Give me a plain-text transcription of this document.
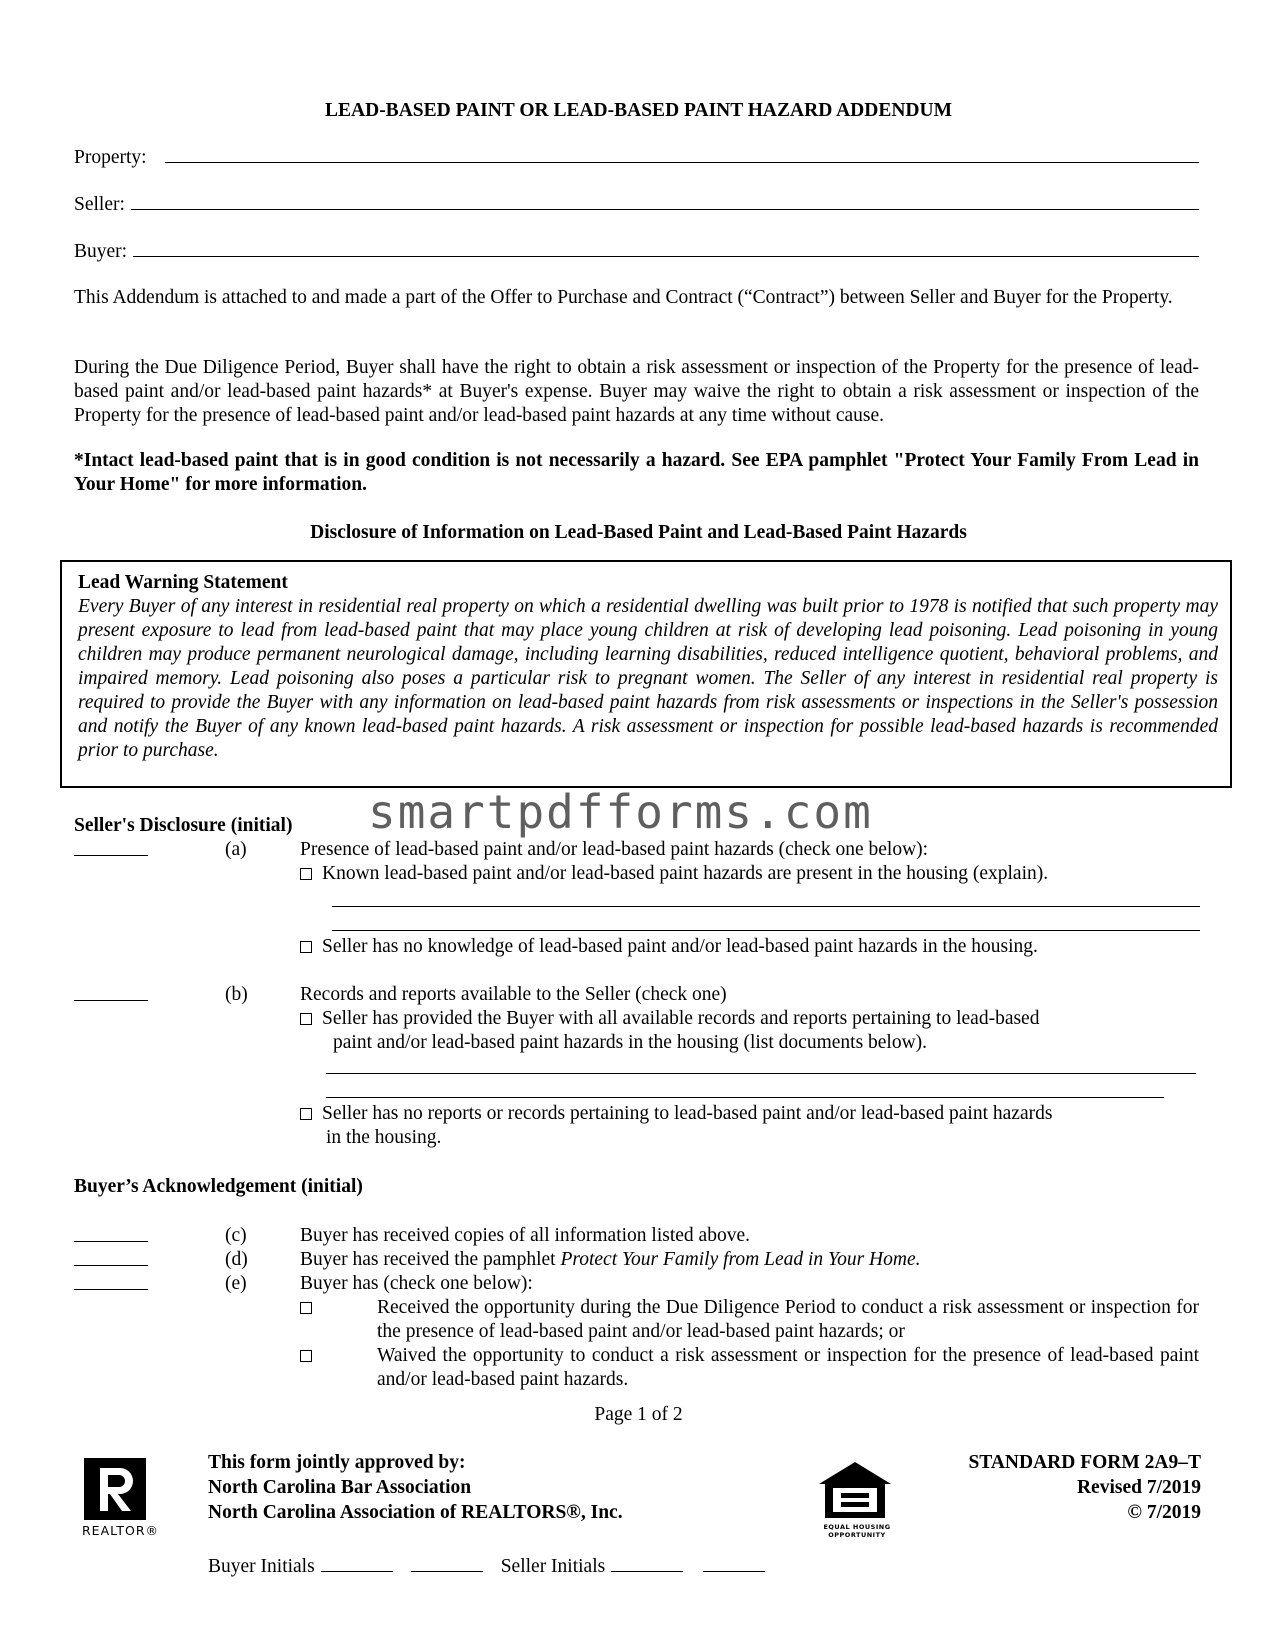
LEAD-BASED PAINT OR LEAD-BASED PAINT HAZARD ADDENDUM
Property:
Seller:
Buyer:
This Addendum is attached to and made a part of the Offer to Purchase and Contract (“Contract”) between Seller and Buyer for the Property.
During the Due Diligence Period, Buyer shall have the right to obtain a risk assessment or inspection of the Property for the presence of lead-based paint and/or lead-based paint hazards* at Buyer's expense. Buyer may waive the right to obtain a risk assessment or inspection of the Property for the presence of lead-based paint and/or lead-based paint hazards at any time without cause.
*Intact lead-based paint that is in good condition is not necessarily a hazard. See EPA pamphlet "Protect Your Family From Lead in Your Home" for more information.
Disclosure of Information on Lead-Based Paint and Lead-Based Paint Hazards
Lead Warning Statement
Every Buyer of any interest in residential real property on which a residential dwelling was built prior to 1978 is notified that such property may present exposure to lead from lead-based paint that may place young children at risk of developing lead poisoning. Lead poisoning in young children may produce permanent neurological damage, including learning disabilities, reduced intelligence quotient, behavioral problems, and impaired memory. Lead poisoning also poses a particular risk to pregnant women. The Seller of any interest in residential real property is required to provide the Buyer with any information on lead-based paint hazards from risk assessments or inspections in the Seller's possession and notify the Buyer of any known lead-based paint hazards. A risk assessment or inspection for possible lead-based hazards is recommended prior to purchase.
smartpdfforms.com
Seller's Disclosure (initial)
(a)	Presence of lead-based paint and/or lead-based paint hazards (check one below):
Known lead-based paint and/or lead-based paint hazards are present in the housing (explain).
Seller has no knowledge of lead-based paint and/or lead-based paint hazards in the housing.
(b)	Records and reports available to the Seller (check one)
Seller has provided the Buyer with all available records and reports pertaining to lead-based
paint and/or lead-based paint hazards in the housing (list documents below).
Seller has no reports or records pertaining to lead-based paint and/or lead-based paint hazards
in the housing.
Buyer’s Acknowledgement (initial)
(c)	Buyer has received copies of all information listed above.
(d)	Buyer has received the pamphlet Protect Your Family from Lead in Your Home.
(e)	Buyer has (check one below):
Received the opportunity during the Due Diligence Period to conduct a risk assessment or inspection for the presence of lead-based paint and/or lead-based paint hazards; or
Waived the opportunity to conduct a risk assessment or inspection for the presence of lead-based paint and/or lead-based paint hazards.
Page 1 of 2
REALTOR®
This form jointly approved by:
North Carolina Bar Association
North Carolina Association of REALTORS®, Inc.
EQUAL HOUSING
OPPORTUNITY
STANDARD FORM 2A9–T
Revised 7/2019
© 7/2019
Buyer Initials	Seller Initials
